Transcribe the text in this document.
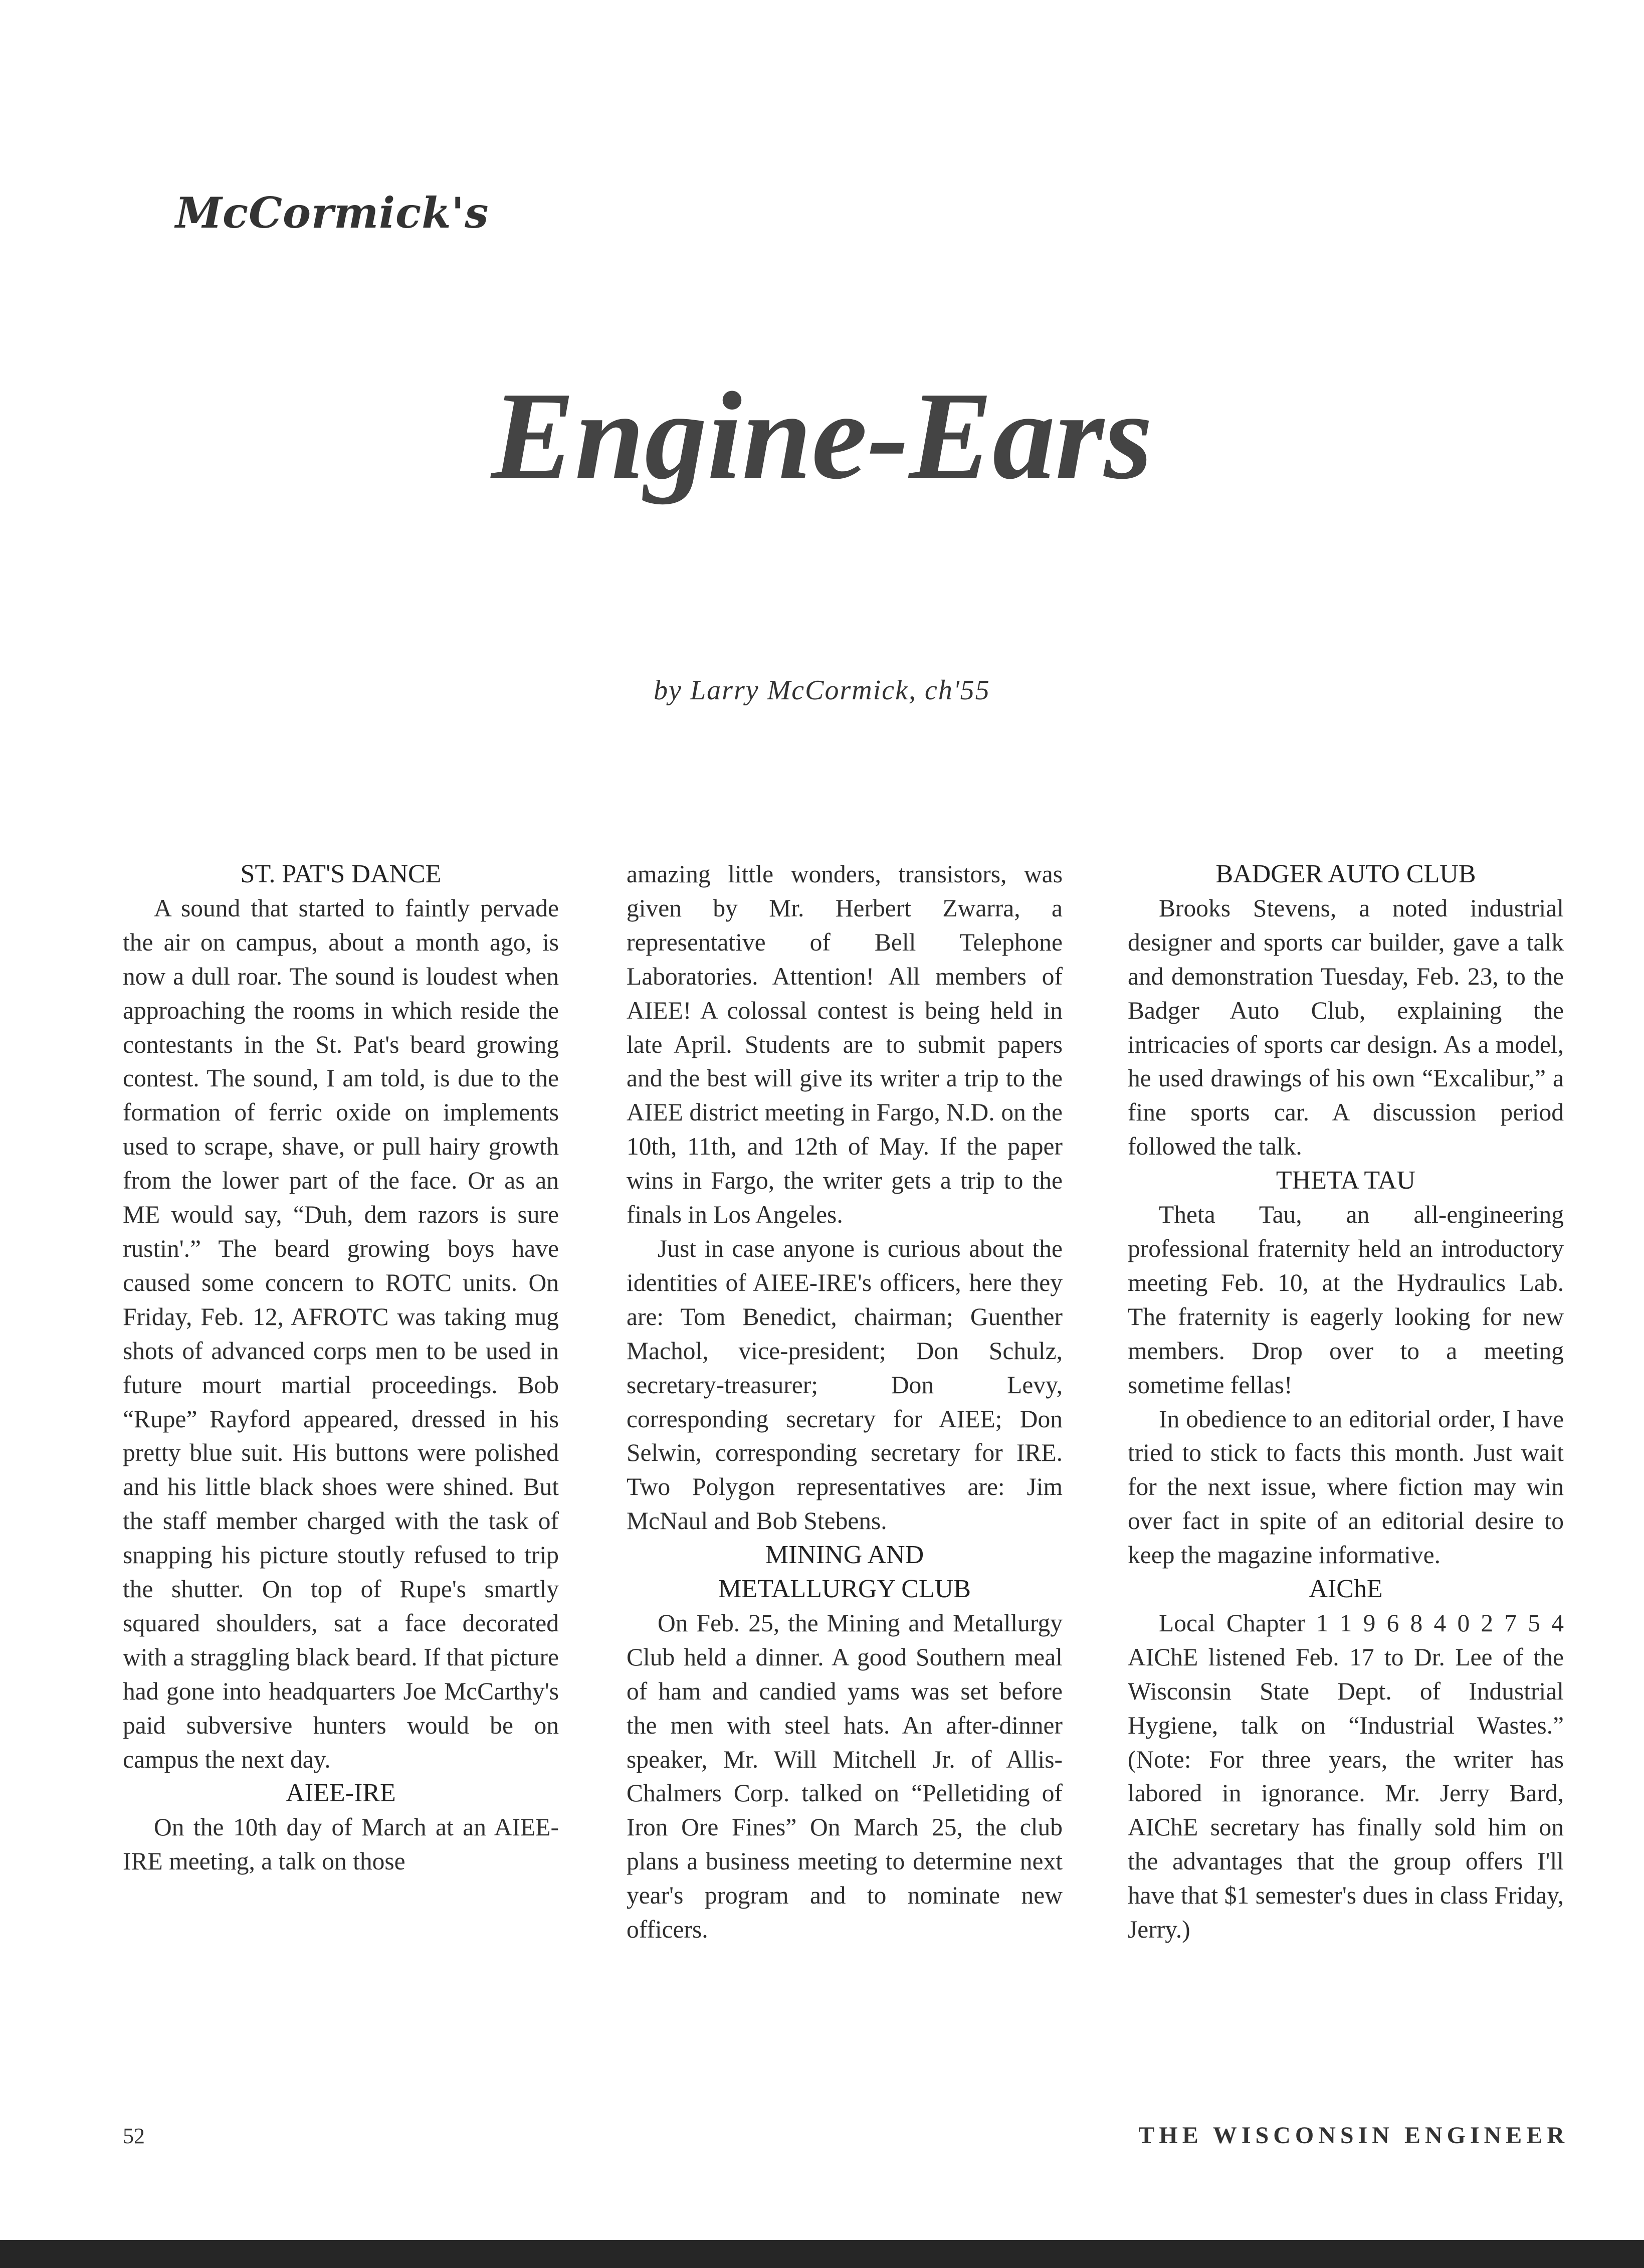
McCormick's
Engine-Ears
by Larry McCormick, ch'55
ST. PAT'S DANCE

A sound that started to faintly pervade the air on campus, about a month ago, is now a dull roar. The sound is loudest when approaching the rooms in which reside the contestants in the St. Pat's beard growing contest. The sound, I am told, is due to the formation of ferric oxide on implements used to scrape, shave, or pull hairy growth from the lower part of the face. Or as an ME would say, “Duh, dem razors is sure rustin'.” The beard growing boys have caused some concern to ROTC units. On Friday, Feb. 12, AFROTC was taking mug shots of advanced corps men to be used in future mourt martial proceedings. Bob “Rupe” Rayford appeared, dressed in his pretty blue suit. His buttons were polished and his little black shoes were shined. But the staff member charged with the task of snapping his picture stoutly refused to trip the shutter. On top of Rupe's smartly squared shoulders, sat a face decorated with a straggling black beard. If that picture had gone into headquarters Joe McCarthy's paid subversive hunters would be on campus the next day.

AIEE-IRE

On the 10th day of March at an AIEE-IRE meeting, a talk on those

amazing little wonders, transistors, was given by Mr. Herbert Zwarra, a representative of Bell Telephone Laboratories. Attention! All members of AIEE! A colossal contest is being held in late April. Students are to submit papers and the best will give its writer a trip to the AIEE district meeting in Fargo, N.D. on the 10th, 11th, and 12th of May. If the paper wins in Fargo, the writer gets a trip to the finals in Los Angeles.

Just in case anyone is curious about the identities of AIEE-IRE's officers, here they are: Tom Benedict, chairman; Guenther Machol, vice-president; Don Schulz, secretary-treasurer; Don Levy, corresponding secretary for AIEE; Don Selwin, corresponding secretary for IRE. Two Polygon representatives are: Jim McNaul and Bob Stebens.

MINING AND
METALLURGY CLUB

On Feb. 25, the Mining and Metallurgy Club held a dinner. A good Southern meal of ham and candied yams was set before the men with steel hats. An after-dinner speaker, Mr. Will Mitchell Jr. of Allis-Chalmers Corp. talked on “Pelletiding of Iron Ore Fines” On March 25, the club plans a business meeting to determine next year's program and to nominate new officers.

BADGER AUTO CLUB

Brooks Stevens, a noted industrial designer and sports car builder, gave a talk and demonstration Tuesday, Feb. 23, to the Badger Auto Club, explaining the intricacies of sports car design. As a model, he used drawings of his own “Excalibur,” a fine sports car. A discussion period followed the talk.

THETA TAU

Theta Tau, an all-engineering professional fraternity held an introductory meeting Feb. 10, at the Hydraulics Lab. The fraternity is eagerly looking for new members. Drop over to a meeting sometime fellas!

In obedience to an editorial order, I have tried to stick to facts this month. Just wait for the next issue, where fiction may win over fact in spite of an editorial desire to keep the magazine informative.

AIChE

Local Chapter 1 1 9 6 8 4 0 2 7 5 4 AIChE listened Feb. 17 to Dr. Lee of the Wisconsin State Dept. of Industrial Hygiene, talk on “Industrial Wastes.” (Note: For three years, the writer has labored in ignorance. Mr. Jerry Bard, AIChE secretary has finally sold him on the advantages that the group offers I'll have that $1 semester's dues in class Friday, Jerry.)

52	THE WISCONSIN ENGINEER
